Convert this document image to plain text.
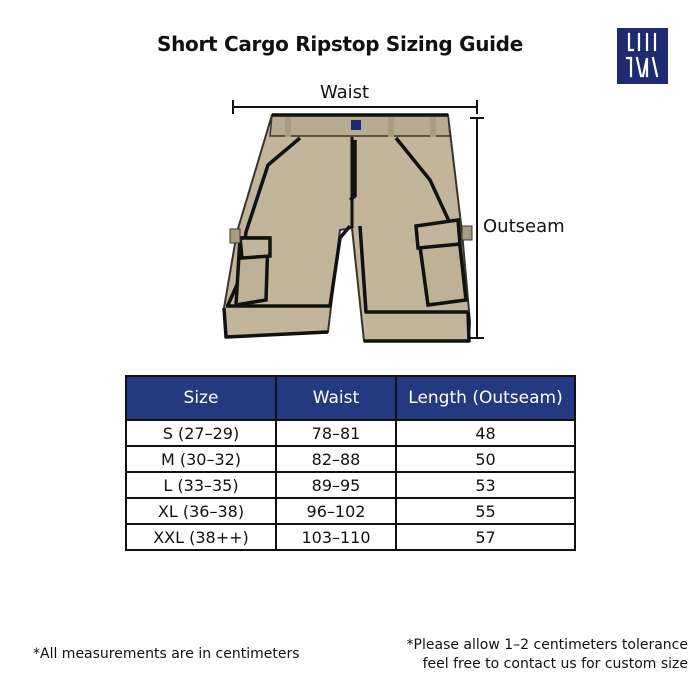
Short Cargo Ripstop Sizing Guide
Waist
Outseam
Size	Waist	Length (Outseam)
S (27–29)	78–81	48
M (30–32)	82–88	50
L (33–35)	89–95	53
XL (36–38)	96–102	55
XXL (38++)	103–110	57
*All measurements are in centimeters
*Please allow 1–2 centimeters tolerance
feel free to contact us for custom size
